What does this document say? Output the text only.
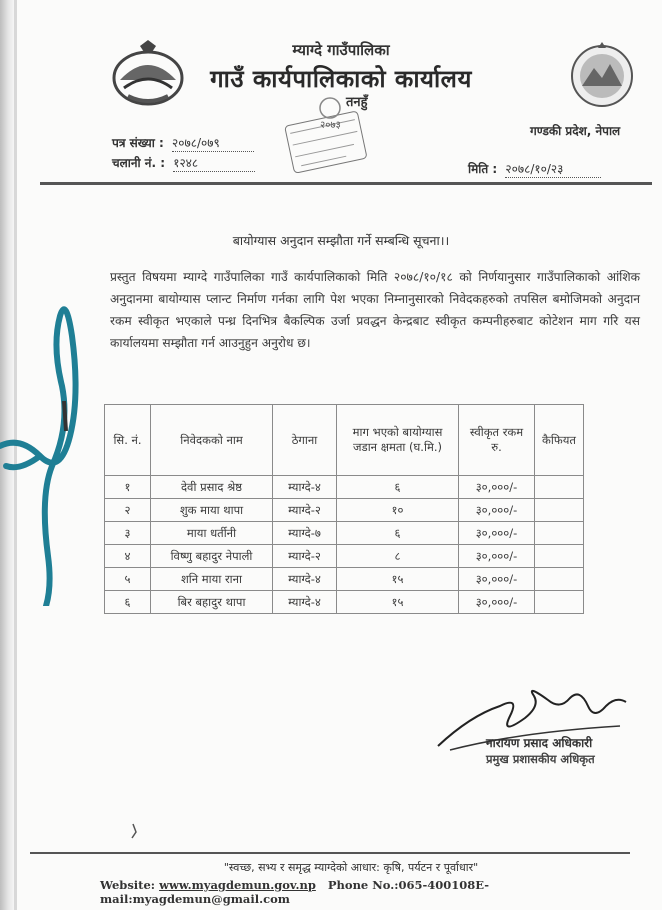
म्याग्दे गाउँपालिका
गाउँ कार्यपालिकाको कार्यालय
तनहुँ
गण्डकी प्रदेश, नेपाल
२०७३
पत्र संख्या : २०७८/०७९
चलानी नं. : १२४८	मिति : २०७८/१०/२३
बायोग्यास अनुदान सम्झौता गर्ने सम्बन्धि सूचना।।
प्रस्तुत विषयमा म्याग्दे गाउँपालिका गाउँ कार्यपालिकाको मिति २०७८/१०/१८ को निर्णयानुसार गाउँपालिकाको आंशिक अनुदानमा बायोग्यास प्लान्ट निर्माण गर्नका लागि पेश भएका निम्नानुसारको निवेदकहरुको तपसिल बमोजिमको अनुदान रकम स्वीकृत भएकाले पन्ध्र दिनभित्र बैकल्पिक उर्जा प्रवद्धन केन्द्रबाट स्वीकृत कम्पनीहरुबाट कोटेशन माग गरि यस कार्यालयमा सम्झौता गर्न आउनुहुन अनुरोध छ।
सि. नं.	निवेदकको नाम	ठेगाना	माग भएको बायोग्यास जडान क्षमता (घ.मि.)	स्वीकृत रकम रु.	कैफियत
१	देवी प्रसाद श्रेष्ठ	म्याग्दे-४	६	३०,०००/-	
२	शुक माया थापा	म्याग्दे-२	१०	३०,०००/-	
३	माया धर्तीनी	म्याग्दे-७	६	३०,०००/-	
४	विष्णु बहादुर नेपाली	म्याग्दे-२	८	३०,०००/-	
५	शनि माया राना	म्याग्दे-४	१५	३०,०००/-	
६	बिर बहादुर थापा	म्याग्दे-४	१५	३०,०००/-	
नारायण प्रसाद अधिकारी
प्रमुख प्रशासकीय अधिकृत
"स्वच्छ, सभ्य र समृद्ध म्याग्देको आधार: कृषि, पर्यटन र पूर्वाधार"
Website: www.myagdemun.gov.np Phone No.:065-400108E-mail:myagdemun@gmail.com
